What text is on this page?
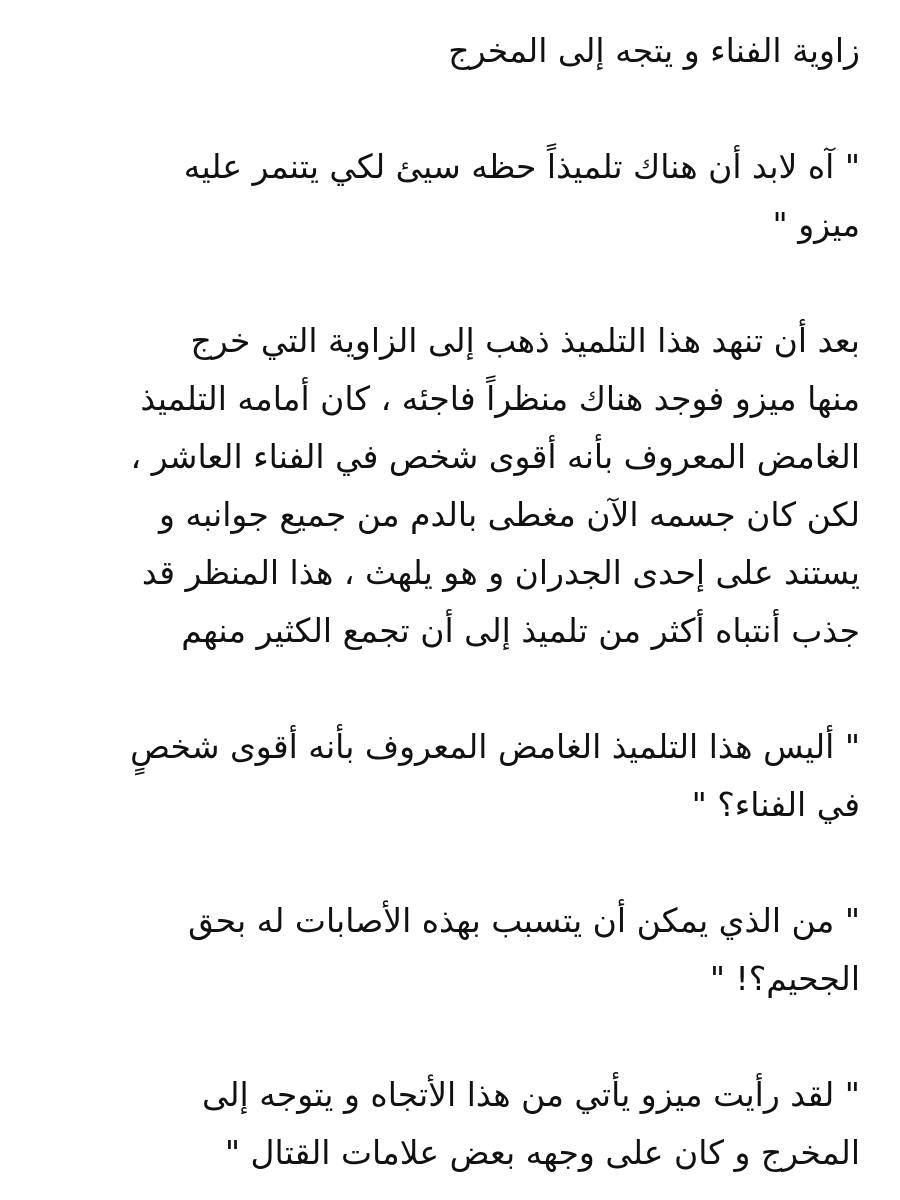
زاوية الفناء و يتجه إلى المخرج

" آه لابد أن هناك تلميذاً حظه سيئ لكي يتنمر عليه
ميزو "

بعد أن تنهد هذا التلميذ ذهب إلى الزاوية التي خرج
منها ميزو فوجد هناك منظراً فاجئه ، كان أمامه التلميذ
الغامض المعروف بأنه أقوى شخص في الفناء العاشر ،
لكن كان جسمه الآن مغطى بالدم من جميع جوانبه و
يستند على إحدى الجدران و هو يلهث ، هذا المنظر قد
جذب أنتباه أكثر من تلميذ إلى أن تجمع الكثير منهم

" أليس هذا التلميذ الغامض المعروف بأنه أقوى شخصٍ
في الفناء؟ "

" من الذي يمكن أن يتسبب بهذه الأصابات له بحق
الجحيم؟! "

" لقد رأيت ميزو يأتي من هذا الأتجاه و يتوجه إلى
المخرج و كان على وجهه بعض علامات القتال "
